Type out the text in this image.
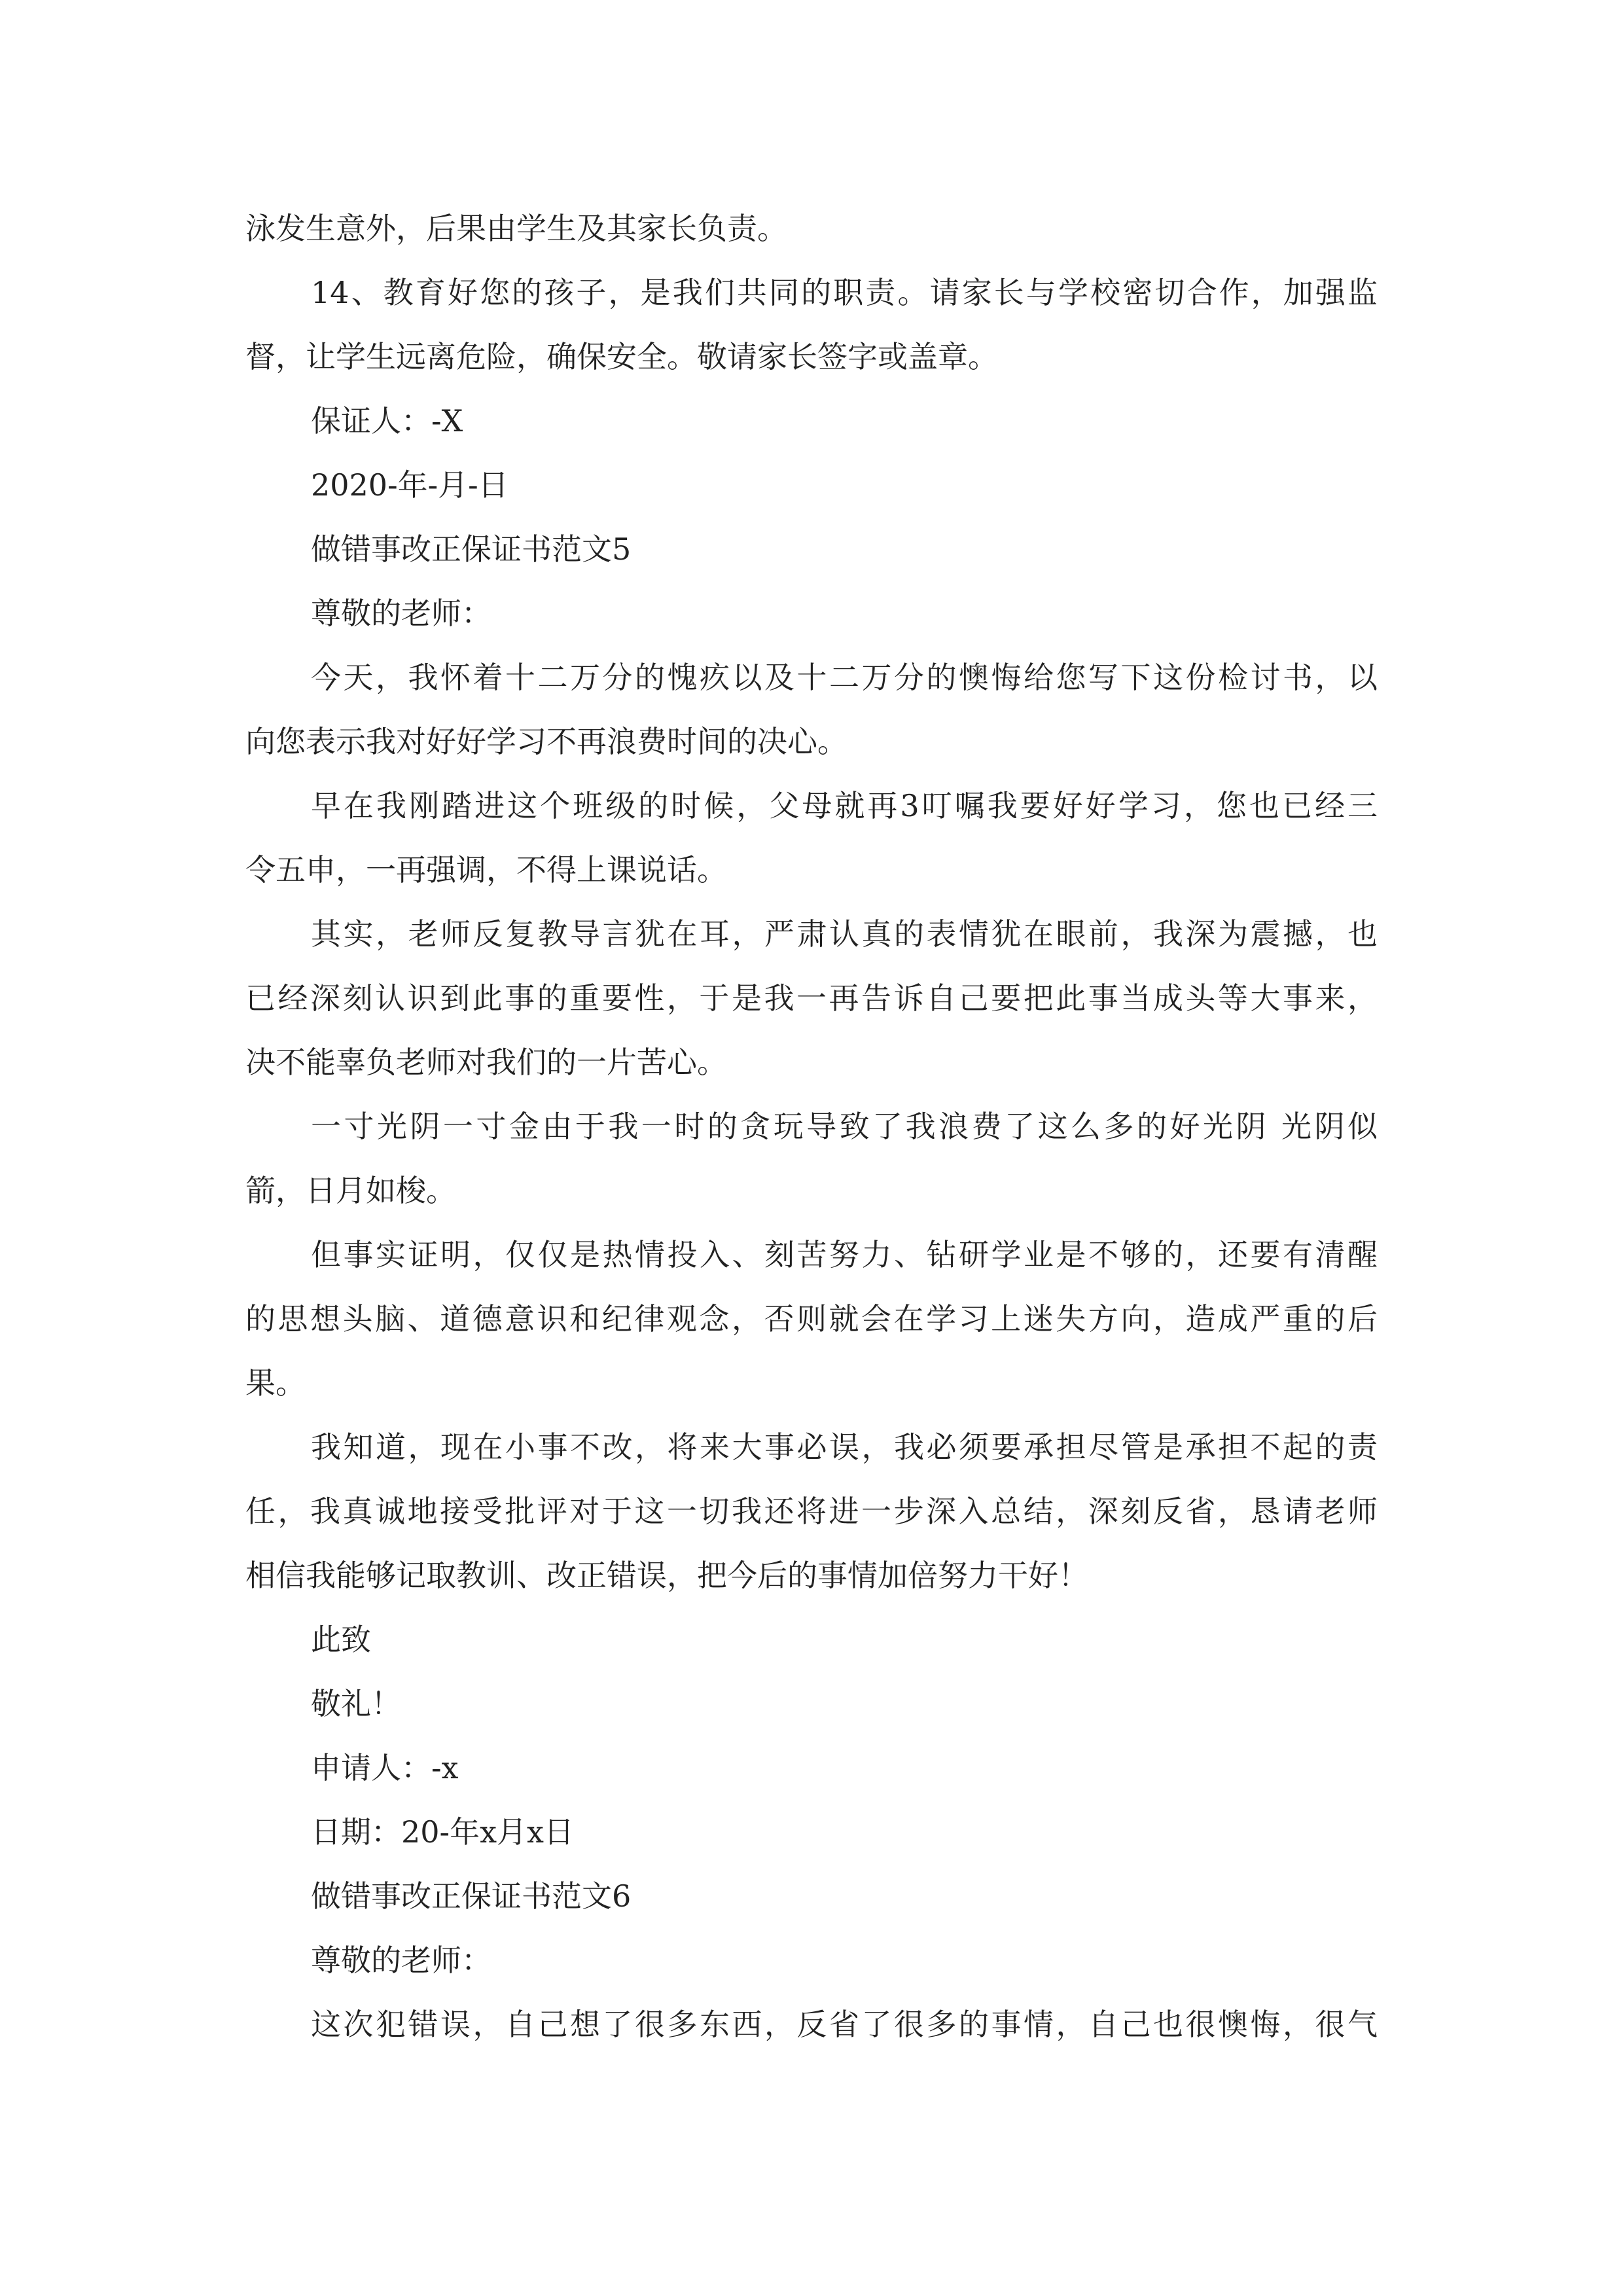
泳发生意外，后果由学生及其家长负责。
14、教育好您的孩子，是我们共同的职责。请家长与学校密切合作，加强监
督，让学生远离危险，确保安全。敬请家长签字或盖章。
保证人：-X
2020-年-月-日
做错事改正保证书范文5
尊敬的老师：
今天，我怀着十二万分的愧疚以及十二万分的懊悔给您写下这份检讨书，以
向您表示我对好好学习不再浪费时间的决心。
早在我刚踏进这个班级的时候，父母就再3叮嘱我要好好学习，您也已经三
令五申，一再强调，不得上课说话。
其实，老师反复教导言犹在耳，严肃认真的表情犹在眼前，我深为震撼，也
已经深刻认识到此事的重要性，于是我一再告诉自己要把此事当成头等大事来，
决不能辜负老师对我们的一片苦心。
一寸光阴一寸金由于我一时的贪玩导致了我浪费了这么多的好光阴 光阴似
箭，日月如梭。
但事实证明，仅仅是热情投入、刻苦努力、钻研学业是不够的，还要有清醒
的思想头脑、道德意识和纪律观念，否则就会在学习上迷失方向，造成严重的后
果。
我知道，现在小事不改，将来大事必误，我必须要承担尽管是承担不起的责
任，我真诚地接受批评对于这一切我还将进一步深入总结，深刻反省，恳请老师
相信我能够记取教训、改正错误，把今后的事情加倍努力干好！
此致
敬礼！
申请人：-x
日期：20-年x月x日
做错事改正保证书范文6
尊敬的老师：
这次犯错误，自己想了很多东西，反省了很多的事情，自己也很懊悔，很气
